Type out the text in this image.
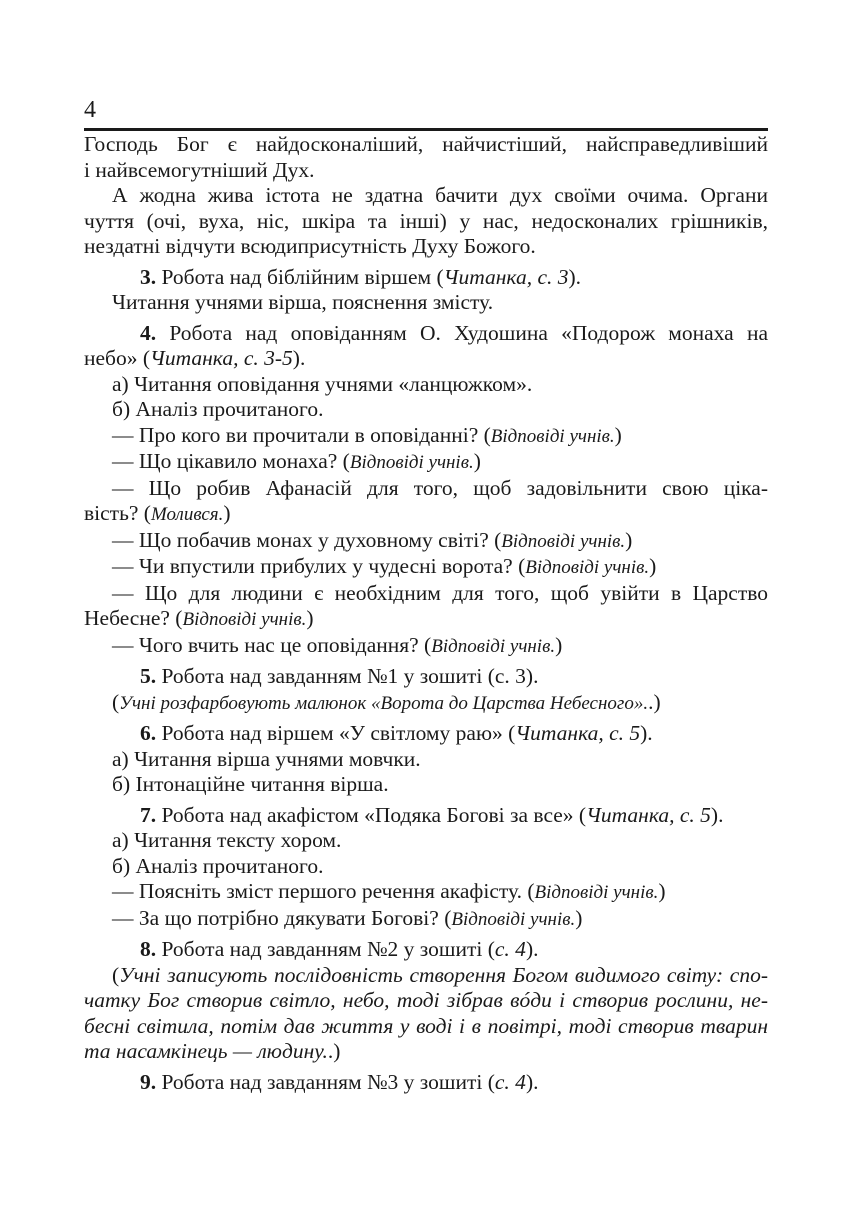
4

Господь Бог є найдосконаліший, найчистіший, найсправедливіший

і найвсемогутніший Дух.

А жодна жива істота не здатна бачити дух своїми очима. Органи

чуття (очі, вуха, ніс, шкіра та інші) у нас, недосконалих грішників,

нездатні відчути всюдиприсутність Духу Божого.

3. Робота над біблійним віршем (Читанка, с. 3).

Читання учнями вірша, пояснення змісту.

4. Робота над оповіданням О. Худошина «Подорож монаха на

небо» (Читанка, с. 3-5).

а) Читання оповідання учнями «ланцюжком».

б) Аналіз прочитаного.

— Про кого ви прочитали в оповіданні? (Відповіді учнів.)

— Що цікавило монаха? (Відповіді учнів.)

— Що робив Афанасій для того, щоб задовільнити свою ціка-

вість? (Молився.)

— Що побачив монах у духовному світі? (Відповіді учнів.)

— Чи впустили прибулих у чудесні ворота? (Відповіді учнів.)

— Що для людини є необхідним для того, щоб увійти в Царство

Небесне? (Відповіді учнів.)

— Чого вчить нас це оповідання? (Відповіді учнів.)

5. Робота над завданням №1 у зошиті (с. 3).

(Учні розфарбовують малюнок «Ворота до Царства Небесного»..)

6. Робота над віршем «У світлому раю» (Читанка, с. 5).

а) Читання вірша учнями мовчки.

б) Інтонаційне читання вірша.

7. Робота над акафістом «Подяка Богові за все» (Читанка, с. 5).

а) Читання тексту хором.

б) Аналіз прочитаного.

— Поясніть зміст першого речення акафісту. (Відповіді учнів.)

— За що потрібно дякувати Богові? (Відповіді учнів.)

8. Робота над завданням №2 у зошиті (с. 4).

(Учні записують послідовність створення Богом видимого світу: спо-

чатку Бог створив світло, небо, тоді зібрав вóди і створив рослини, не-

бесні світила, потім дав життя у воді і в повітрі, тоді створив тварин

та насамкінець — людину..)

9. Робота над завданням №3 у зошиті (с. 4).
